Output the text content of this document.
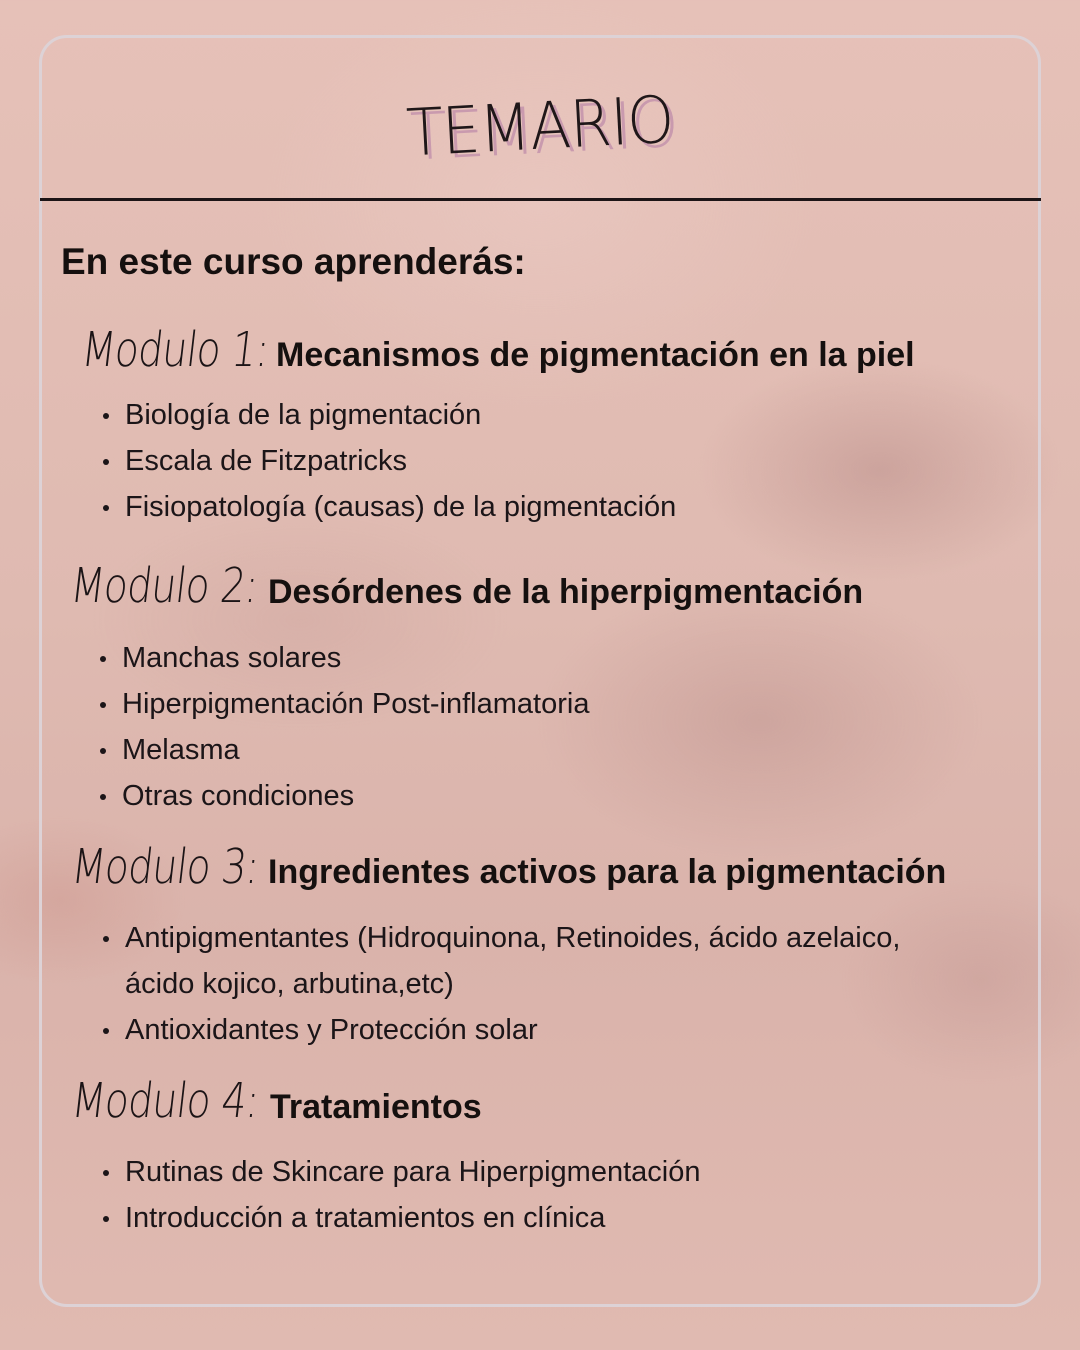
TEMARIO
En este curso aprenderás:
Modulo 1: Mecanismos de pigmentación en la piel
Biología de la pigmentación
Escala de Fitzpatricks
Fisiopatología (causas) de la pigmentación
Modulo 2: Desórdenes de la hiperpigmentación
Manchas solares
Hiperpigmentación Post-inflamatoria
Melasma
Otras condiciones
Modulo 3: Ingredientes activos para la pigmentación
Antipigmentantes (Hidroquinona, Retinoides, ácido azelaico,
ácido kojico, arbutina,etc)
Antioxidantes y Protección solar
Modulo 4: Tratamientos
Rutinas de Skincare para Hiperpigmentación
Introducción a tratamientos en clínica
